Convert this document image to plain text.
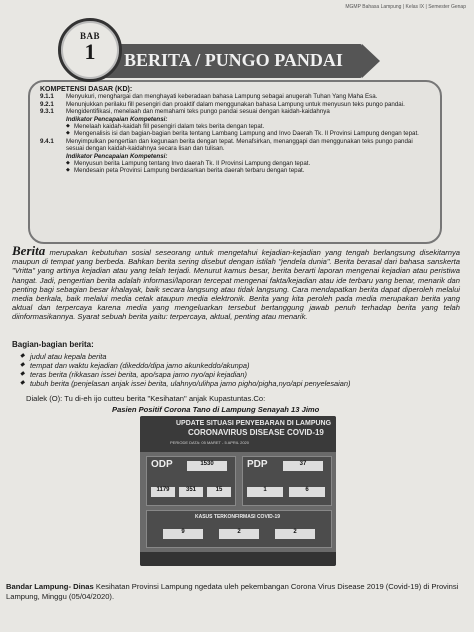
MGMP Bahasa Lampung | Kelas IX | Semester Genap
BERITA / PUNGO PANDAI
BAB
1
KOMPETENSI DASAR (KD):
9.1.1	Menyukuri, menghargai dan menghayati keberadaan bahasa Lampung sebagai anugerah Tuhan Yang Maha Esa.
9.2.1	Menunjukkan perilaku fill pesengiri dan proaktif dalam menggunakan bahasa Lampung untuk menyusun teks pungo pandai.
9.3.1	Mengidentifikasi, menelaah dan memahami teks pungo pandai sesuai dengan kaidah-kaidahnya
Indikator Pencapaian Kompetensi:
◆ Menelaah kaidah-kaidah fill pesengiri dalam teks berita dengan tepat.
◆ Mengenalisis isi dan bagian-bagian berita tentang Lambang Lampung and Invo Daerah Tk. II Provinsi Lampung dengan tepat.
9.4.1	Menyimpulkan pengertian dan kegunaan berita dengan tepat. Menafsirkan, menanggapi dan menggunakan teks pungo pandai sesuai dengan kaidah-kaidahnya secara lisan dan tulisan.
Indikator Pencapaian Kompetensi:
◆ Menyusun berita Lampung tentang Invo daerah Tk. II Provinsi Lampung dengan tepat.
◆ Mendesain peta Provinsi Lampung berdasarkan berita daerah terbaru dengan tepat.
Berita merupakan kebutuhan sosial seseorang untuk mengetahui kejadian-kejadian yang tengah berlangsung disekitarnya maupun di tempat yang berbeda. Bahkan berita sering disebut dengan istilah "jendela dunia". Berita berasal dari bahasa sanskerta "Vritta" yang artinya kejadian atau yang telah terjadi. Menurut kamus besar, berita berarti laporan mengenai kejadian atau peristiwa hangat. Jadi, pengertian berita adalah informasi/laporan tercepat mengenai fakta/kejadian atau ide terbaru yang benar, menarik dan penting bagi sebagian besar khalayak, baik secara langsung atau tidak langsung. Cara mendapatkan berita dapat diperoleh melalui media berkala, baik melalui media cetak ataupun media elektronik. Berita yang kita peroleh pada media merupakan berita yang aktual dan terpercaya karena media yang mengeluarkan tersebut bertanggung jawab penuh terhadap berita yang telah diinformasikannya. Syarat sebuah berita yaitu: terpercaya, aktual, penting atau menarik.
Bagian-bagian berita:
◆ judul atau kepala berita
◆ tempat dan waktu kejadian (dikeddo/dipa jamo akunkeddo/akunpa)
◆ teras berita (rikkasan issei berita, apo/sapa jamo nyo/api kejadian)
◆ tubuh berita (penjelasan anjak issei berita, ulahnyo/ulihpa jamo pigho/pigha,nyo/api penyelesaian)
Dialek (O): Tu di-eh ijo cutteu berita "Kesihatan" anjak Kupastuntas.Co:
Pasien Positif Corona Tano di Lampung Senayah 13 Jimo
UPDATE SITUASI PENYEBARAN DI LAMPUNG
CORONAVIRUS DISEASE COVID-19
PERIODE DATA: 05 MARET - 5 APRIL 2020
ODP	1530
1179	351	15
PDP	37
1	6
KASUS TERKONFIRMASI COVID-19
9	2	2
Bandar Lampung- Dinas Kesihatan Provinsi Lampung ngedata uleh pekembangan Corona Virus Disease 2019 (Covid-19) di Provinsi Lampung, Minggu (05/04/2020).
